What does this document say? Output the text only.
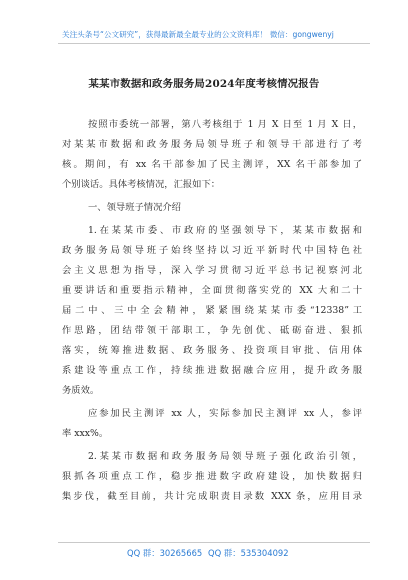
关注头条号“公文研究”，获得最新最全最专业的公文资料库！ 微信：gongwenyj
某某市数据和政务服务局2024年度考核情况报告
按照市委统一部署，第八考核组于 1 月 X 日至 1 月 X 日，
对某某市数据和政务服务局领导班子和领导干部进行了考
核。期间，有 xx 名干部参加了民主测评，XX 名干部参加了
个别谈话。具体考核情况，汇报如下：
一、领导班子情况介绍
1.在某某市委、市政府的坚强领导下，某某市数据和
政务服务局领导班子始终坚持以习近平新时代中国特色社
会主义思想为指导，深入学习贯彻习近平总书记视察河北
重要讲话和重要指示精神，全面贯彻落实党的 XX 大和二十
届二中、三中全会精神，紧紧围绕某某市委“12338”工
作思路，团结带领干部职工，争先创优、砥砺奋进、狠抓
落实，统筹推进数据、政务服务、投资项目审批、信用体
系建设等重点工作，持续推进数据融合应用，提升政务服
务质效。
应参加民主测评 xx 人，实际参加民主测评 xx 人，参评
率 xxx%。
2.某某市数据和政务服务局领导班子强化政治引领，
狠抓各项重点工作，稳步推进数字政府建设，加快数据归
集步伐，截至目前，共计完成职责目录数 XXX 条，应用目录
QQ 群：30265665 QQ 群：535304092
